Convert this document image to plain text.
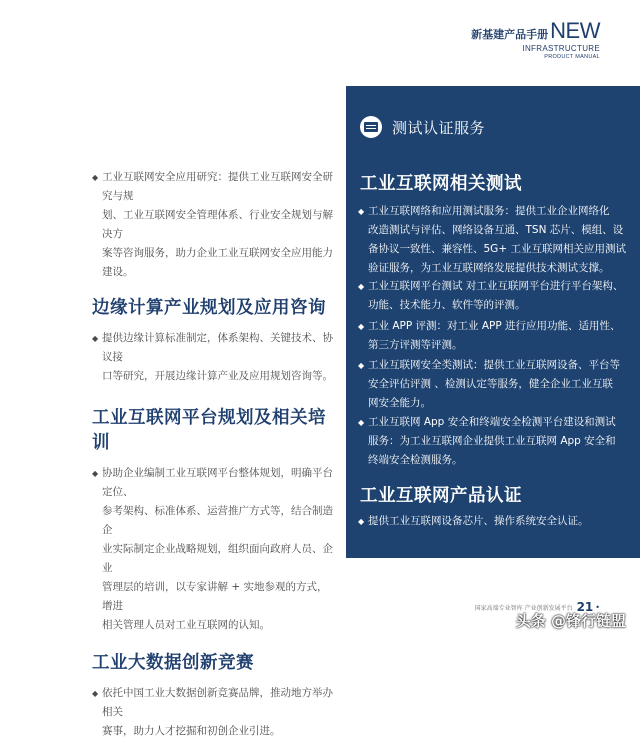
新基建产品手册 NEW
INFRASTRUCTURE
PRODUCT MANUAL
◆ 工业互联网安全应用研究：提供工业互联网安全研究与规
划、工业互联网安全管理体系、行业安全规划与解决方
案等咨询服务，助力企业工业互联网安全应用能力建设。
边缘计算产业规划及应用咨询
◆ 提供边缘计算标准制定，体系架构、关键技术、协议接
口等研究，开展边缘计算产业及应用规划咨询等。
工业互联网平台规划及相关培训
◆ 协助企业编制工业互联网平台整体规划，明确平台定位、
参考架构、标准体系、运营推广方式等，结合制造企
业实际制定企业战略规划，组织面向政府人员、企业
管理层的培训，以专家讲解 + 实地参观的方式，增进
相关管理人员对工业互联网的认知。
工业大数据创新竞赛
◆ 依托中国工业大数据创新竞赛品牌，推动地方举办相关
赛事，助力人才挖掘和初创企业引进。
测试认证服务
工业互联网相关测试
◆ 工业互联网络和应用测试服务：提供工业企业网络化
改造测试与评估、网络设备互通、TSN 芯片、模组、设
备协议一致性、兼容性、5G+ 工业互联网相关应用测试
验证服务，为工业互联网络发展提供技术测试支撑。
◆ 工业互联网平台测试 对工业互联网平台进行平台架构、
功能、技术能力、软件等的评测。
◆ 工业 APP 评测：对工业 APP 进行应用功能、适用性、
第三方评测等评测。
◆ 工业互联网安全类测试：提供工业互联网设备、平台等
安全评估评测 、检测认定等服务，健全企业工业互联
网安全能力。
◆ 工业互联网 App 安全和终端安全检测平台建设和测试
服务：为工业互联网企业提供工业互联网 App 安全和
终端安全检测服务。
工业互联网产品认证
◆ 提供工业互联网设备芯片、操作系统安全认证。
国家高端专业智库 产业创新发展平台 21 •
头条 @锋行链盟
